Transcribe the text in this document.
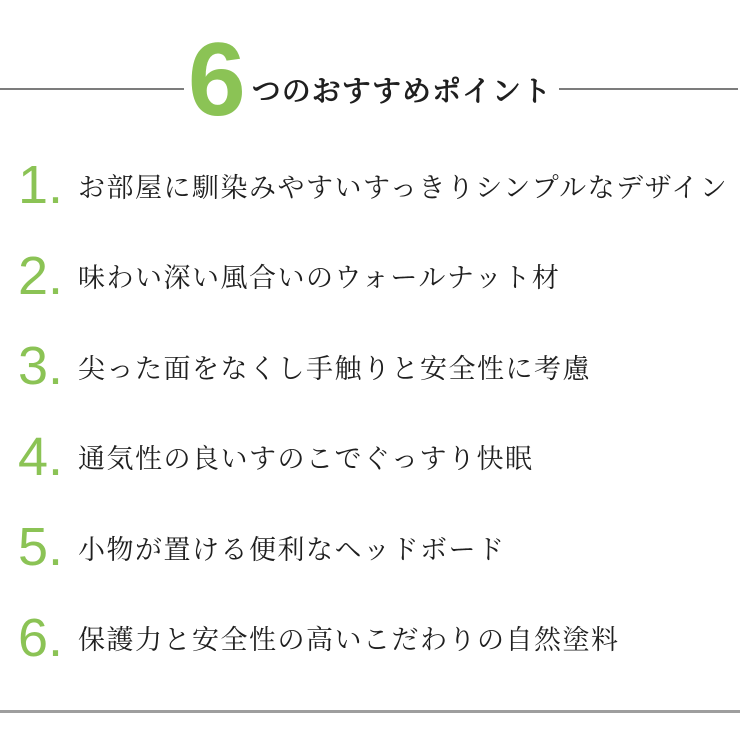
6 つのおすすめポイント
1. お部屋に馴染みやすいすっきりシンプルなデザイン
2. 味わい深い風合いのウォールナット材
3. 尖った面をなくし手触りと安全性に考慮
4. 通気性の良いすのこでぐっすり快眠
5. 小物が置ける便利なヘッドボード
6. 保護力と安全性の高いこだわりの自然塗料
